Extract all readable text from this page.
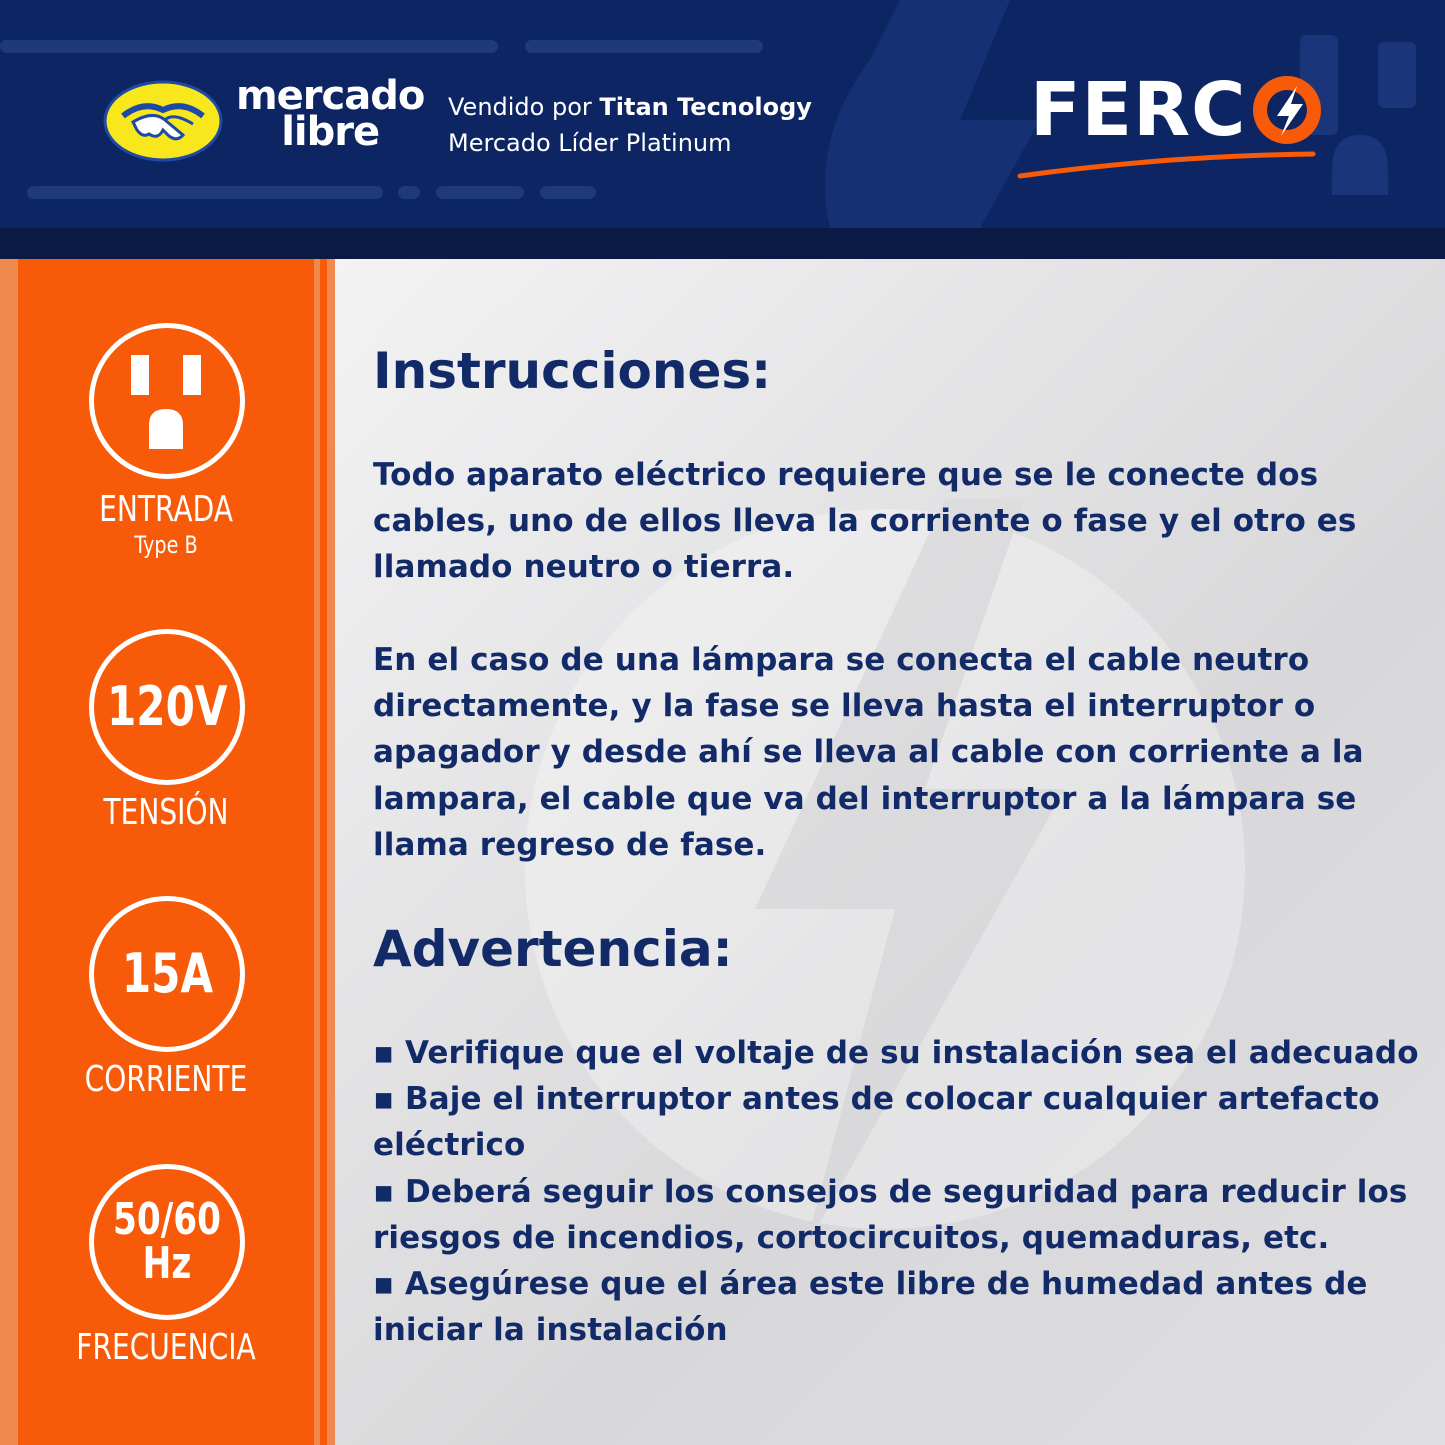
mercado
libre
Vendido por Titan Tecnology
Mercado Líder Platinum	FERC
ENTRADA
Type B
120V
TENSIÓN
15A
CORRIENTE
50/60
Hz
FRECUENCIA
Instrucciones:
Todo aparato eléctrico requiere que se le conecte dos
cables, uno de ellos lleva la corriente o fase y el otro es
llamado neutro o tierra.
En el caso de una lámpara se conecta el cable neutro
directamente, y la fase se lleva hasta el interruptor o
apagador y desde ahí se lleva al cable con corriente a la
lampara, el cable que va del interruptor a la lámpara se
llama regreso de fase.
Advertencia:
▪ Verifique que el voltaje de su instalación sea el adecuado
▪ Baje el interruptor antes de colocar cualquier artefacto
eléctrico
▪ Deberá seguir los consejos de seguridad para reducir los
riesgos de incendios, cortocircuitos, quemaduras, etc.
▪ Asegúrese que el área este libre de humedad antes de
iniciar la instalación
